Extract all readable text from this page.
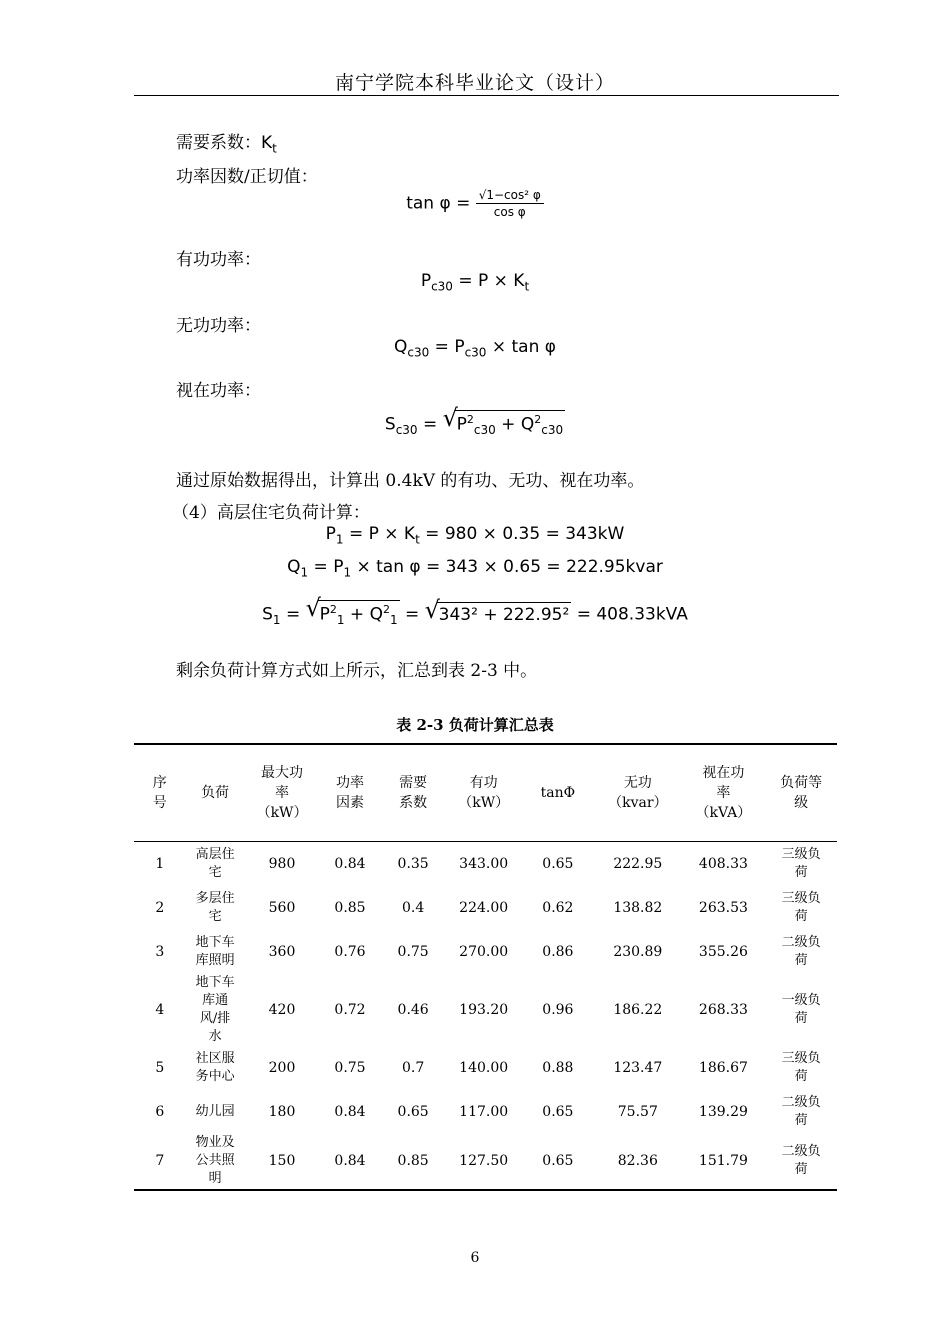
南宁学院本科毕业论文（设计）
需要系数：$K_t$
功率因数/正切值：
$\tan \varphi = \frac{\text{√1−cos² φ}}{\text{cos φ}}$
有功功率：
$P_{c30} = P \times K_t$
无功功率：
$Q_{c30} = P_{c30} \times \tan \varphi$
视在功率：
$S_{c30}$ = √
$P^2_{c30} + Q^2_{c30}$
通过原始数据得出，计算出 0.4kV 的有功、无功、视在功率。
（4）高层住宅负荷计算：
$P_1 = P \times K_t = 980 \times 0.35 = 343kW$
$Q_1 = P_1 \times \tan \varphi = 343 \times 0.65$ = 222.95kvar
$S_1$ = √
$P^2_1 + Q^2_1$ = √
343² + 222.95² = 408.33kVA
剩余负荷计算方式如上所示，汇总到表 2-3 中。
表 2-3 负荷计算汇总表
序号	负荷	最大功率（kW）	功率因素	需要系数	有功（kW）	tanΦ	无功（kvar）	视在功率（kVA）	负荷等级
1	高层住宅	980	0.84	0.35	343.00	0.65	222.95	408.33	三级负荷
2	多层住宅	560	0.85	0.4	224.00	0.62	138.82	263.53	三级负荷
3	地下车库照明	360	0.76	0.75	270.00	0.86	230.89	355.26	二级负荷
4	地下车库通风/排水	420	0.72	0.46	193.20	0.96	186.22	268.33	一级负荷
5	社区服务中心	200	0.75	0.7	140.00	0.88	123.47	186.67	三级负荷
6	幼儿园	180	0.84	0.65	117.00	0.65	75.57	139.29	二级负荷
7	物业及公共照明	150	0.84	0.85	127.50	0.65	82.36	151.79	二级负荷
6
